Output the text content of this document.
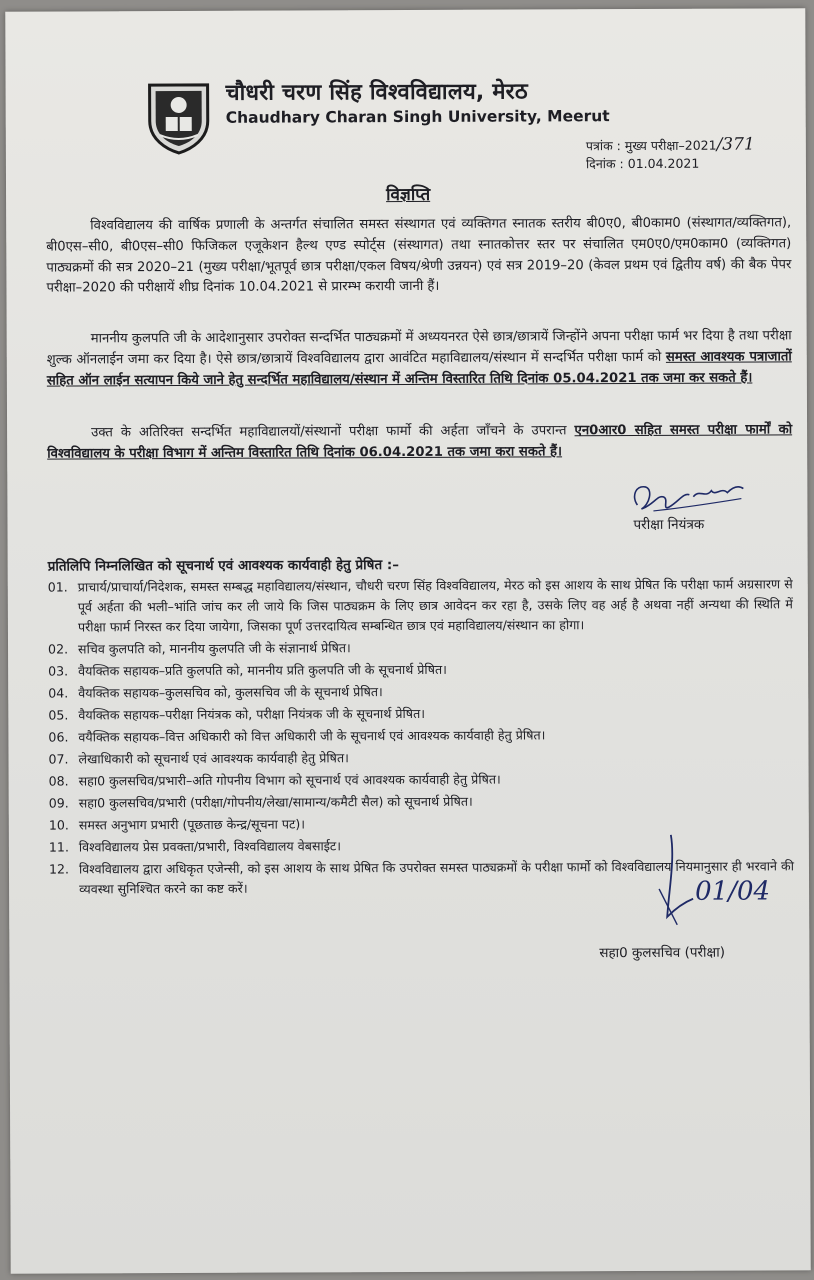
चौधरी चरण सिंह विश्वविद्यालय, मेरठ
Chaudhary Charan Singh University, Meerut
पत्रांक : मुख्य परीक्षा–2021/371
दिनांक : 01.04.2021
विज्ञप्ति
विश्वविद्यालय की वार्षिक प्रणाली के अन्तर्गत संचालित समस्त संस्थागत एवं व्यक्तिगत स्नातक स्तरीय बी0ए0, बी0काम0 (संस्थागत/व्यक्तिगत), बी0एस–सी0, बी0एस–सी0 फिजिकल एजूकेशन हैल्थ एण्ड स्पोर्ट्स (संस्थागत) तथा स्नातकोत्तर स्तर पर संचालित एम0ए0/एम0काम0 (व्यक्तिगत) पाठ्यक्रमों की सत्र 2020–21 (मुख्य परीक्षा/भूतपूर्व छात्र परीक्षा/एकल विषय/श्रेणी उन्नयन) एवं सत्र 2019–20 (केवल प्रथम एवं द्वितीय वर्ष) की बैक पेपर परीक्षा–2020 की परीक्षायें शीघ्र दिनांक 10.04.2021 से प्रारम्भ करायी जानी हैं।
माननीय कुलपति जी के आदेशानुसार उपरोक्त सन्दर्भित पाठ्यक्रमों में अध्ययनरत ऐसे छात्र/छात्रायें जिन्होंने अपना परीक्षा फार्म भर दिया है तथा परीक्षा शुल्क ऑनलाईन जमा कर दिया है। ऐसे छात्र/छात्रायें विश्वविद्यालय द्वारा आवंटित महाविद्यालय/संस्थान में सन्दर्भित परीक्षा फार्म को समस्त आवश्यक पत्राजातों सहित ऑन लाईन सत्यापन किये जाने हेतु सन्दर्भित महाविद्यालय/संस्थान में अन्तिम विस्तारित तिथि दिनांक 05.04.2021 तक जमा कर सकते हैं।
उक्त के अतिरिक्त सन्दर्भित महाविद्यालयों/संस्थानों परीक्षा फार्मो की अर्हता जाँचने के उपरान्त एन0आर0 सहित समस्त परीक्षा फार्मों को विश्वविद्यालय के परीक्षा विभाग में अन्तिम विस्तारित तिथि दिनांक 06.04.2021 तक जमा करा सकते हैं।
परीक्षा नियंत्रक
प्रतिलिपि निम्नलिखित को सूचनार्थ एवं आवश्यक कार्यवाही हेतु प्रेषित :–
01. प्राचार्य/प्राचार्या/निदेशक, समस्त सम्बद्ध महाविद्यालय/संस्थान, चौधरी चरण सिंह विश्वविद्यालय, मेरठ को इस आशय के साथ प्रेषित कि परीक्षा फार्म अग्रसारण से पूर्व अर्हता की भली–भांति जांच कर ली जाये कि जिस पाठ्यक्रम के लिए छात्र आवेदन कर रहा है, उसके लिए वह अर्ह है अथवा नहीं अन्यथा की स्थिति में परीक्षा फार्म निरस्त कर दिया जायेगा, जिसका पूर्ण उत्तरदायित्व सम्बन्धित छात्र एवं महाविद्यालय/संस्थान का होगा।
02. सचिव कुलपति को, माननीय कुलपति जी के संज्ञानार्थ प्रेषित।
03. वैयक्तिक सहायक–प्रति कुलपति को, माननीय प्रति कुलपति जी के सूचनार्थ प्रेषित।
04. वैयक्तिक सहायक–कुलसचिव को, कुलसचिव जी के सूचनार्थ प्रेषित।
05. वैयक्तिक सहायक–परीक्षा नियंत्रक को, परीक्षा नियंत्रक जी के सूचनार्थ प्रेषित।
06. वयैक्तिक सहायक–वित्त अधिकारी को वित्त अधिकारी जी के सूचनार्थ एवं आवश्यक कार्यवाही हेतु प्रेषित।
07. लेखाधिकारी को सूचनार्थ एवं आवश्यक कार्यवाही हेतु प्रेषित।
08. सहा0 कुलसचिव/प्रभारी–अति गोपनीय विभाग को सूचनार्थ एवं आवश्यक कार्यवाही हेतु प्रेषित।
09. सहा0 कुलसचिव/प्रभारी (परीक्षा/गोपनीय/लेखा/सामान्य/कमैटी सैल) को सूचनार्थ प्रेषित।
10. समस्त अनुभाग प्रभारी (पूछताछ केन्द्र/सूचना पट)।
11. विश्वविद्यालय प्रेस प्रवक्ता/प्रभारी, विश्वविद्यालय वेबसाईट।
12. विश्वविद्यालय द्वारा अधिकृत एजेन्सी, को इस आशय के साथ प्रेषित कि उपरोक्त समस्त पाठ्यक्रमों के परीक्षा फार्मो को विश्वविद्यालय नियमानुसार ही भरवाने की व्यवस्था सुनिश्चित करने का कष्ट करें।	01/04
सहा0 कुलसचिव (परीक्षा)
